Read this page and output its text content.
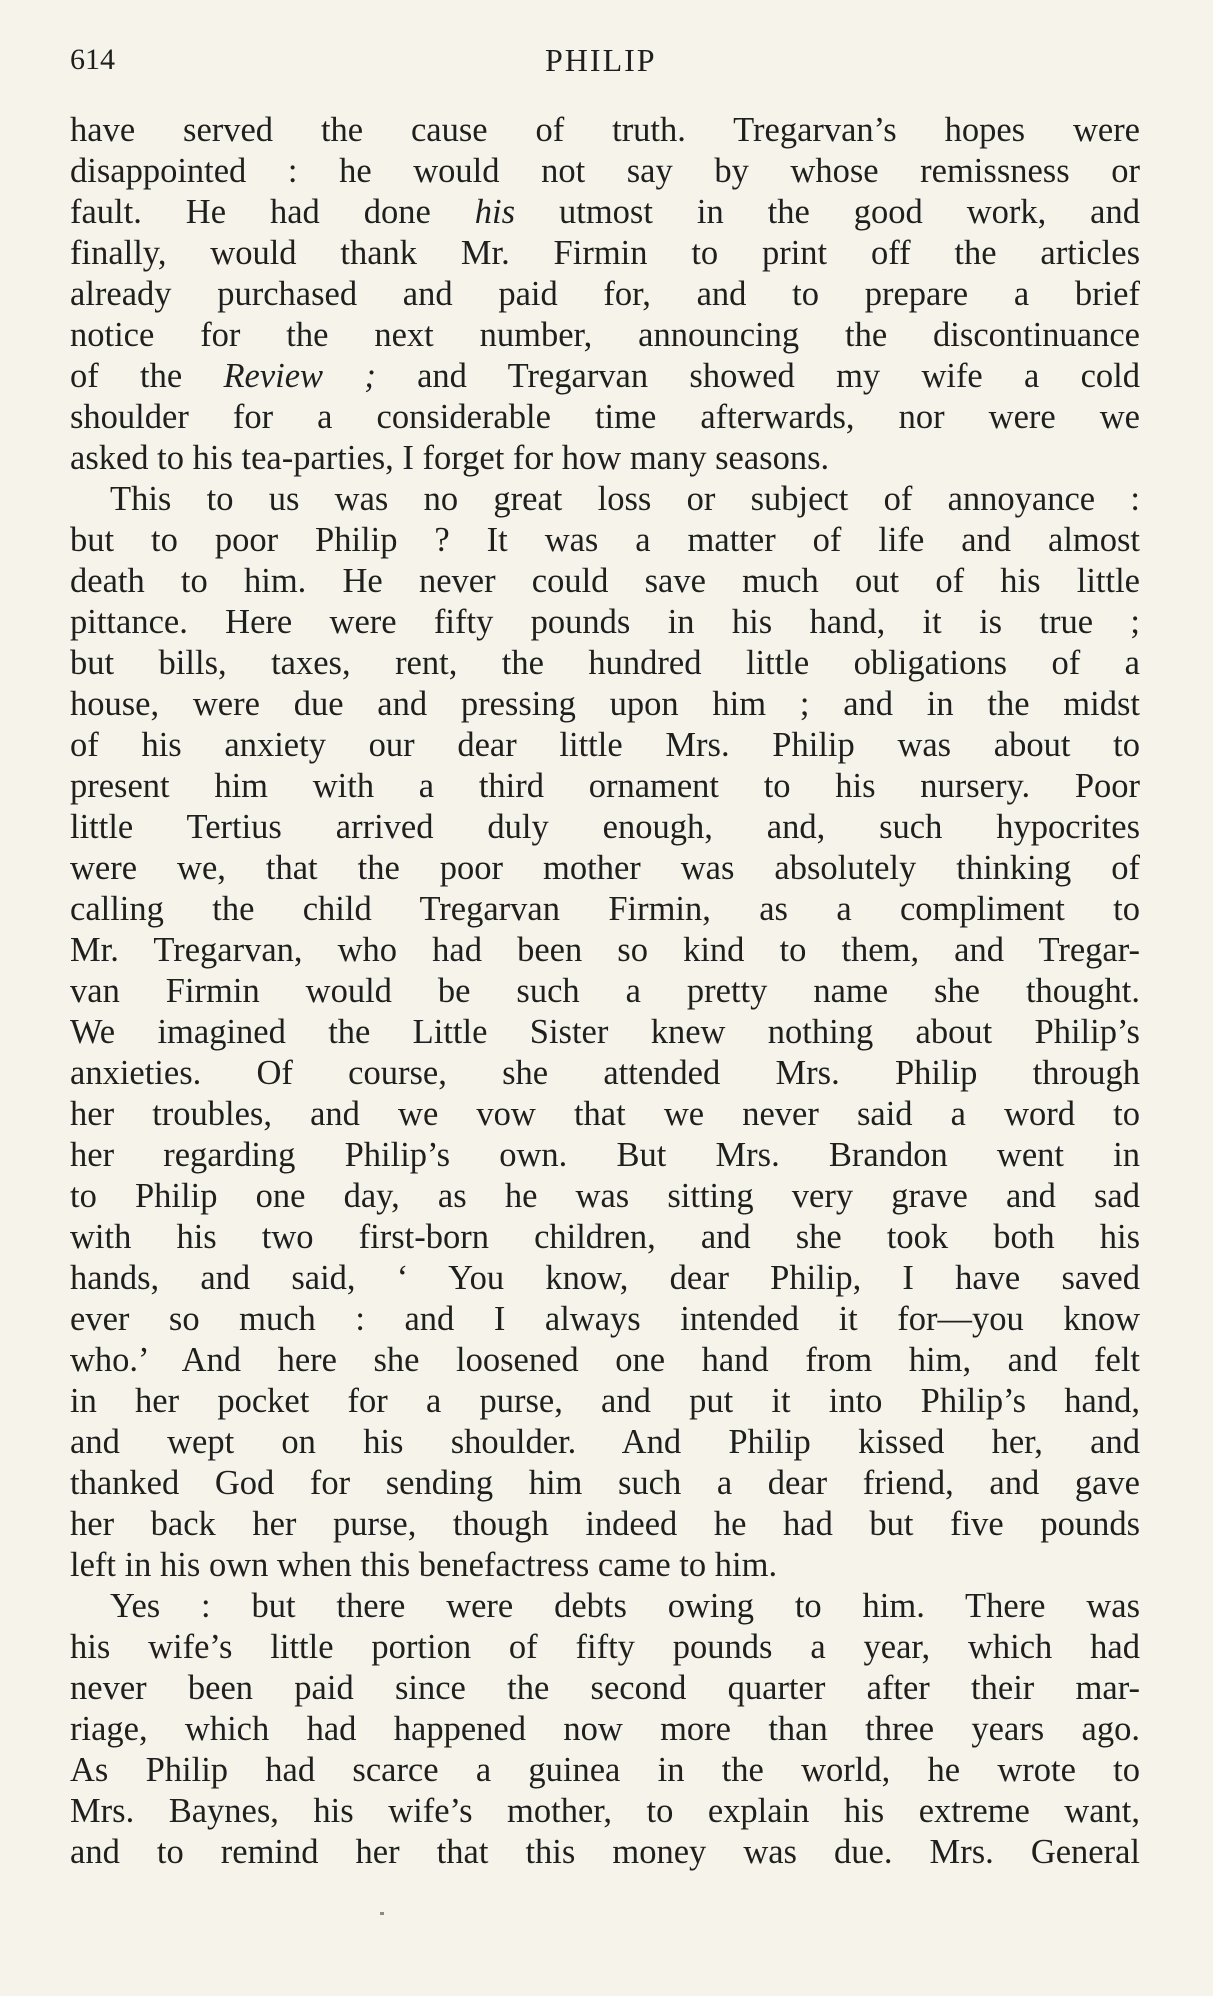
614	PHILIP
have served the cause of truth. Tregarvan’s hopes were
disappointed : he would not say by whose remissness or
fault. He had done his utmost in the good work, and
finally, would thank Mr. Firmin to print off the articles
already purchased and paid for, and to prepare a brief
notice for the next number, announcing the discontinuance
of the Review ; and Tregarvan showed my wife a cold
shoulder for a considerable time afterwards, nor were we
asked to his tea-parties, I forget for how many seasons.
This to us was no great loss or subject of annoyance :
but to poor Philip ? It was a matter of life and almost
death to him. He never could save much out of his little
pittance. Here were fifty pounds in his hand, it is true ;
but bills, taxes, rent, the hundred little obligations of a
house, were due and pressing upon him ; and in the midst
of his anxiety our dear little Mrs. Philip was about to
present him with a third ornament to his nursery. Poor
little Tertius arrived duly enough, and, such hypocrites
were we, that the poor mother was absolutely thinking of
calling the child Tregarvan Firmin, as a compliment to
Mr. Tregarvan, who had been so kind to them, and Tregar-
van Firmin would be such a pretty name she thought.
We imagined the Little Sister knew nothing about Philip’s
anxieties. Of course, she attended Mrs. Philip through
her troubles, and we vow that we never said a word to
her regarding Philip’s own. But Mrs. Brandon went in
to Philip one day, as he was sitting very grave and sad
with his two first-born children, and she took both his
hands, and said, ‘ You know, dear Philip, I have saved
ever so much : and I always intended it for—you know
who.’ And here she loosened one hand from him, and felt
in her pocket for a purse, and put it into Philip’s hand,
and wept on his shoulder. And Philip kissed her, and
thanked God for sending him such a dear friend, and gave
her back her purse, though indeed he had but five pounds
left in his own when this benefactress came to him.
Yes : but there were debts owing to him. There was
his wife’s little portion of fifty pounds a year, which had
never been paid since the second quarter after their mar-
riage, which had happened now more than three years ago.
As Philip had scarce a guinea in the world, he wrote to
Mrs. Baynes, his wife’s mother, to explain his extreme want,
and to remind her that this money was due. Mrs. General
